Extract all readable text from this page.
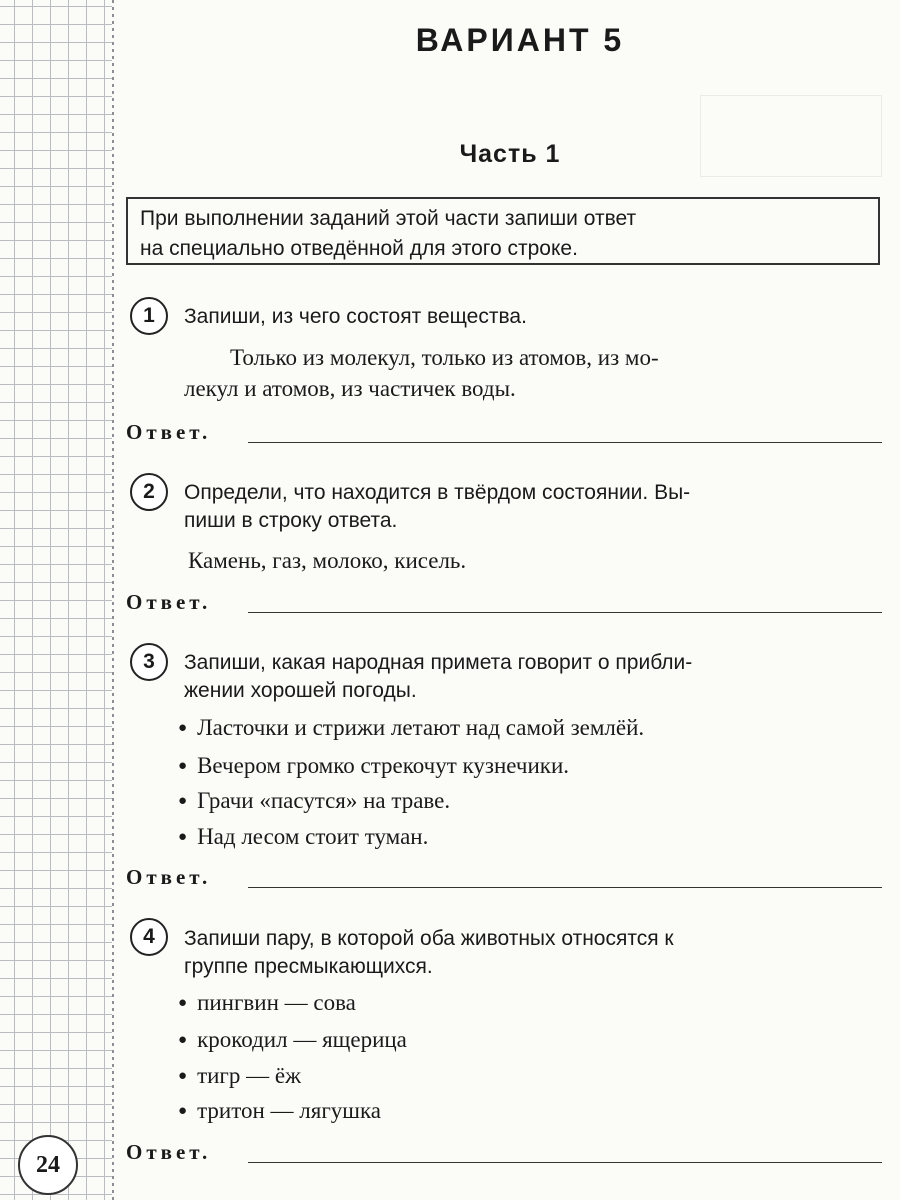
24
ВАРИАНТ 5
Часть 1
При выполнении заданий этой части запиши ответ
на специально отведённой для этого строке.
1	Запиши, из чего состоят вещества.
Только из молекул, только из атомов, из мо-
лекул и атомов, из частичек воды.
Ответ.
2	Определи, что находится в твёрдом состоянии. Вы-
пиши в строку ответа.
Камень, газ, молоко, кисель.
Ответ.
3	Запиши, какая народная примета говорит о прибли-
жении хорошей погоды.
● Ласточки и стрижи летают над самой землёй.
● Вечером громко стрекочут кузнечики.
● Грачи «пасутся» на траве.
● Над лесом стоит туман.
Ответ.
4	Запиши пару, в которой оба животных относятся к
группе пресмыкающихся.
● пингвин — сова
● крокодил — ящерица
● тигр — ёж
● тритон — лягушка
Ответ.
